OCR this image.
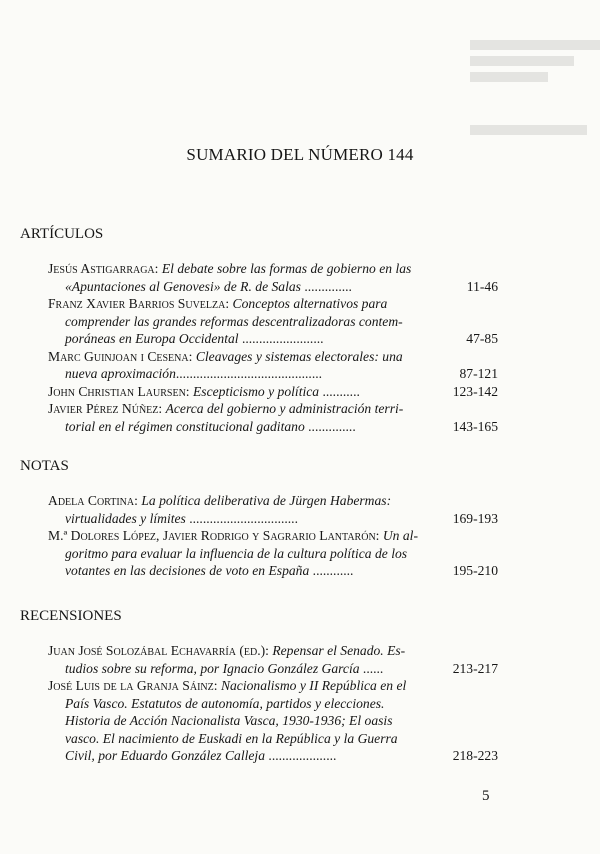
SUMARIO DEL NÚMERO 144
ARTÍCULOS
Jesús Astigarraga: El debate sobre las formas de gobierno en las
«Apuntaciones al Genovesi» de R. de Salas ..............	11-46
Franz Xavier Barrios Suvelza: Conceptos alternativos para
comprender las grandes reformas descentralizadoras contem-
poráneas en Europa Occidental ........................	47-85
Marc Guinjoan i Cesena: Cleavages y sistemas electorales: una
nueva aproximación...........................................	87-121
John Christian Laursen: Escepticismo y política ...........	123-142
Javier Pérez Núñez: Acerca del gobierno y administración terri-
torial en el régimen constitucional gaditano ..............	143-165
NOTAS
Adela Cortina: La política deliberativa de Jürgen Habermas:
virtualidades y límites ................................	169-193
M.ª Dolores López, Javier Rodrigo y Sagrario Lantarón: Un al-
goritmo para evaluar la influencia de la cultura política de los
votantes en las decisiones de voto en España ............	195-210
RECENSIONES
Juan José Solozábal Echavarría (ed.): Repensar el Senado. Es-
tudios sobre su reforma, por Ignacio González García ......	213-217
José Luis de la Granja Sáinz: Nacionalismo y II República en el
País Vasco. Estatutos de autonomía, partidos y elecciones.
Historia de Acción Nacionalista Vasca, 1930-1936; El oasis
vasco. El nacimiento de Euskadi en la República y la Guerra
Civil, por Eduardo González Calleja ....................	218-223
5
